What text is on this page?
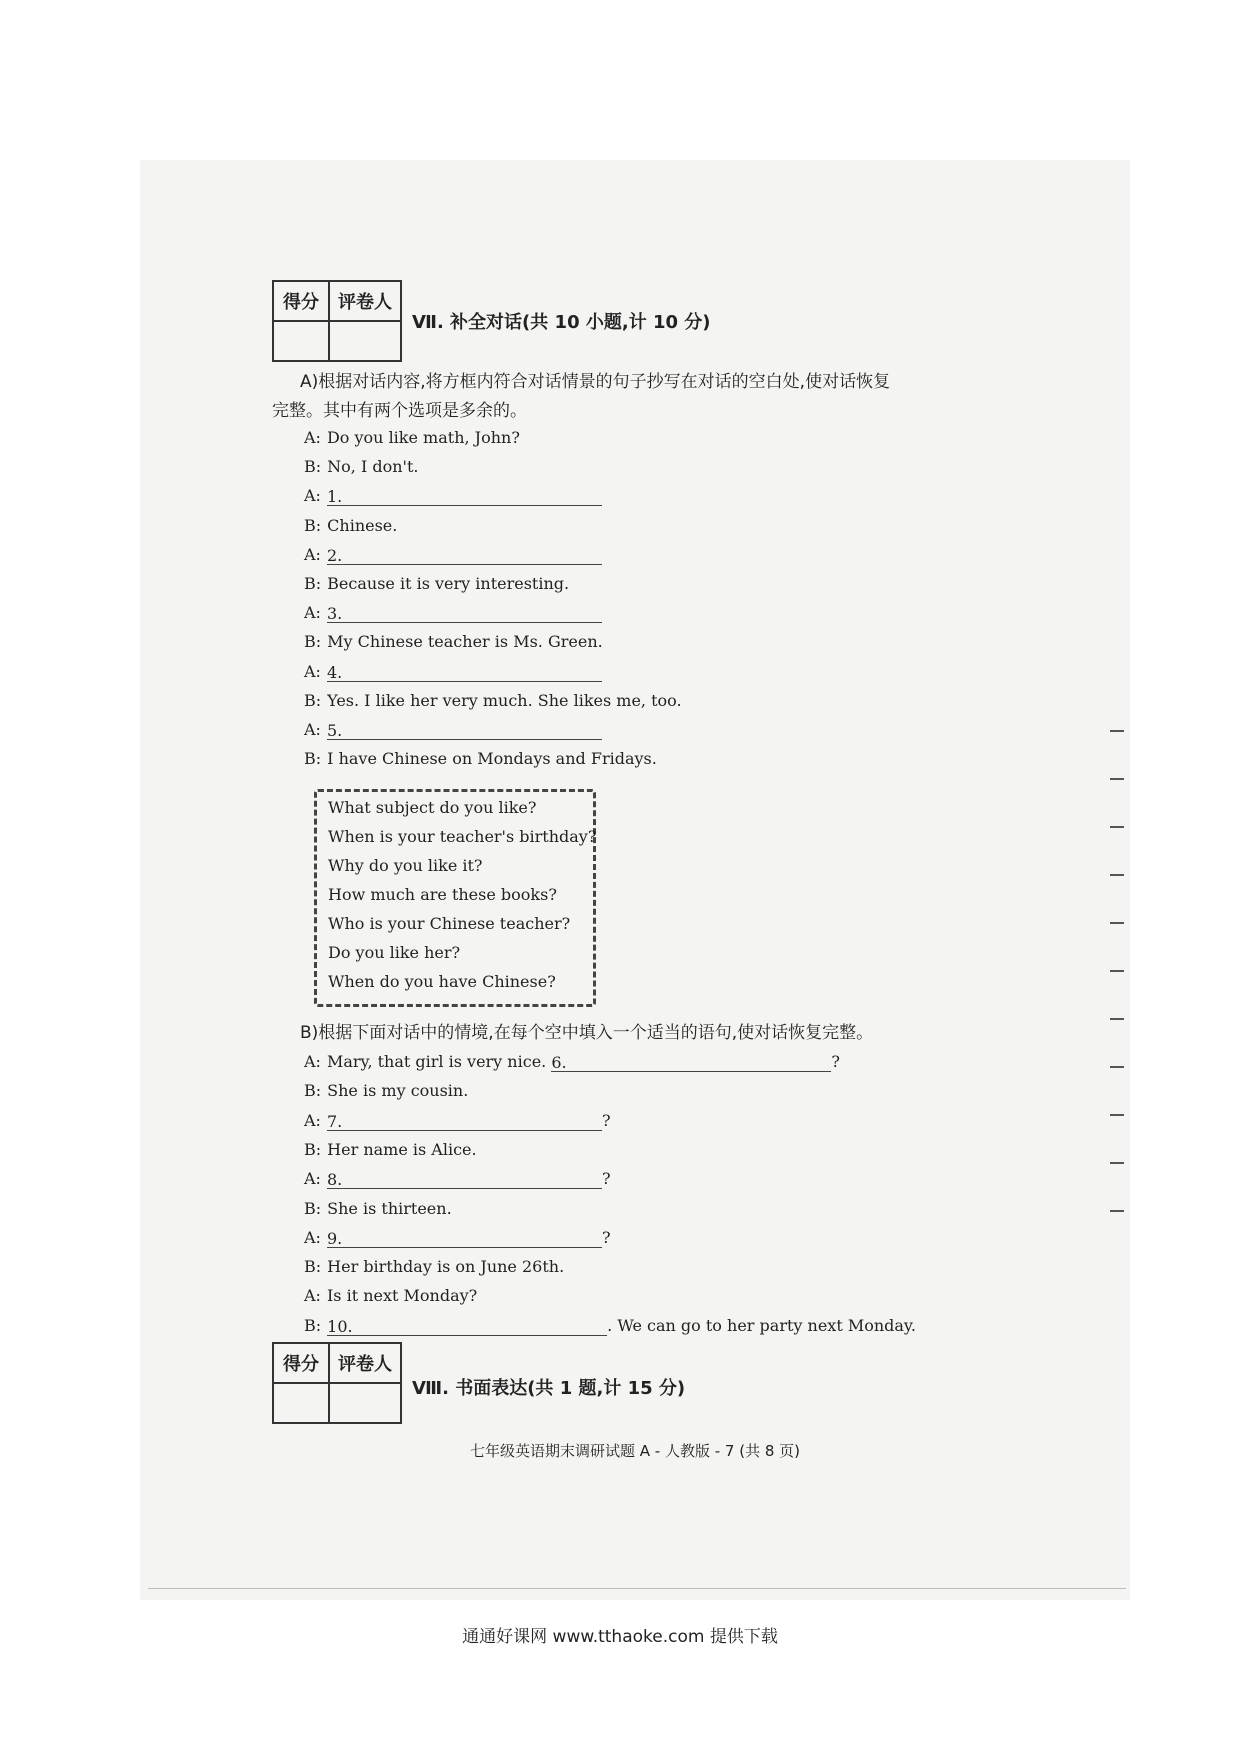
得分	评卷人

Ⅶ. 补全对话(共 10 小题,计 10 分)
A)根据对话内容,将方框内符合对话情景的句子抄写在对话的空白处,使对话恢复
完整。其中有两个选项是多余的。
A: Do you like math, John?
B: No, I don't.
A: 1.
B: Chinese.
A: 2.
B: Because it is very interesting.
A: 3.
B: My Chinese teacher is Ms. Green.
A: 4.
B: Yes. I like her very much. She likes me, too.
A: 5.
B: I have Chinese on Mondays and Fridays.
What subject do you like?
When is your teacher's birthday?
Why do you like it?
How much are these books?
Who is your Chinese teacher?
Do you like her?
When do you have Chinese?
B)根据下面对话中的情境,在每个空中填入一个适当的语句,使对话恢复完整。
A: Mary, that girl is very nice. 6.	?
B: She is my cousin.
A: 7.	?
B: Her name is Alice.
A: 8.	?
B: She is thirteen.
A: 9.	?
B: Her birthday is on June 26th.
A: Is it next Monday?
B: 10.	. We can go to her party next Monday.
得分	评卷人

Ⅷ. 书面表达(共 1 题,计 15 分)
七年级英语期末调研试题 A - 人教版 - 7 (共 8 页)
通通好课网 www.tthaoke.com 提供下载
